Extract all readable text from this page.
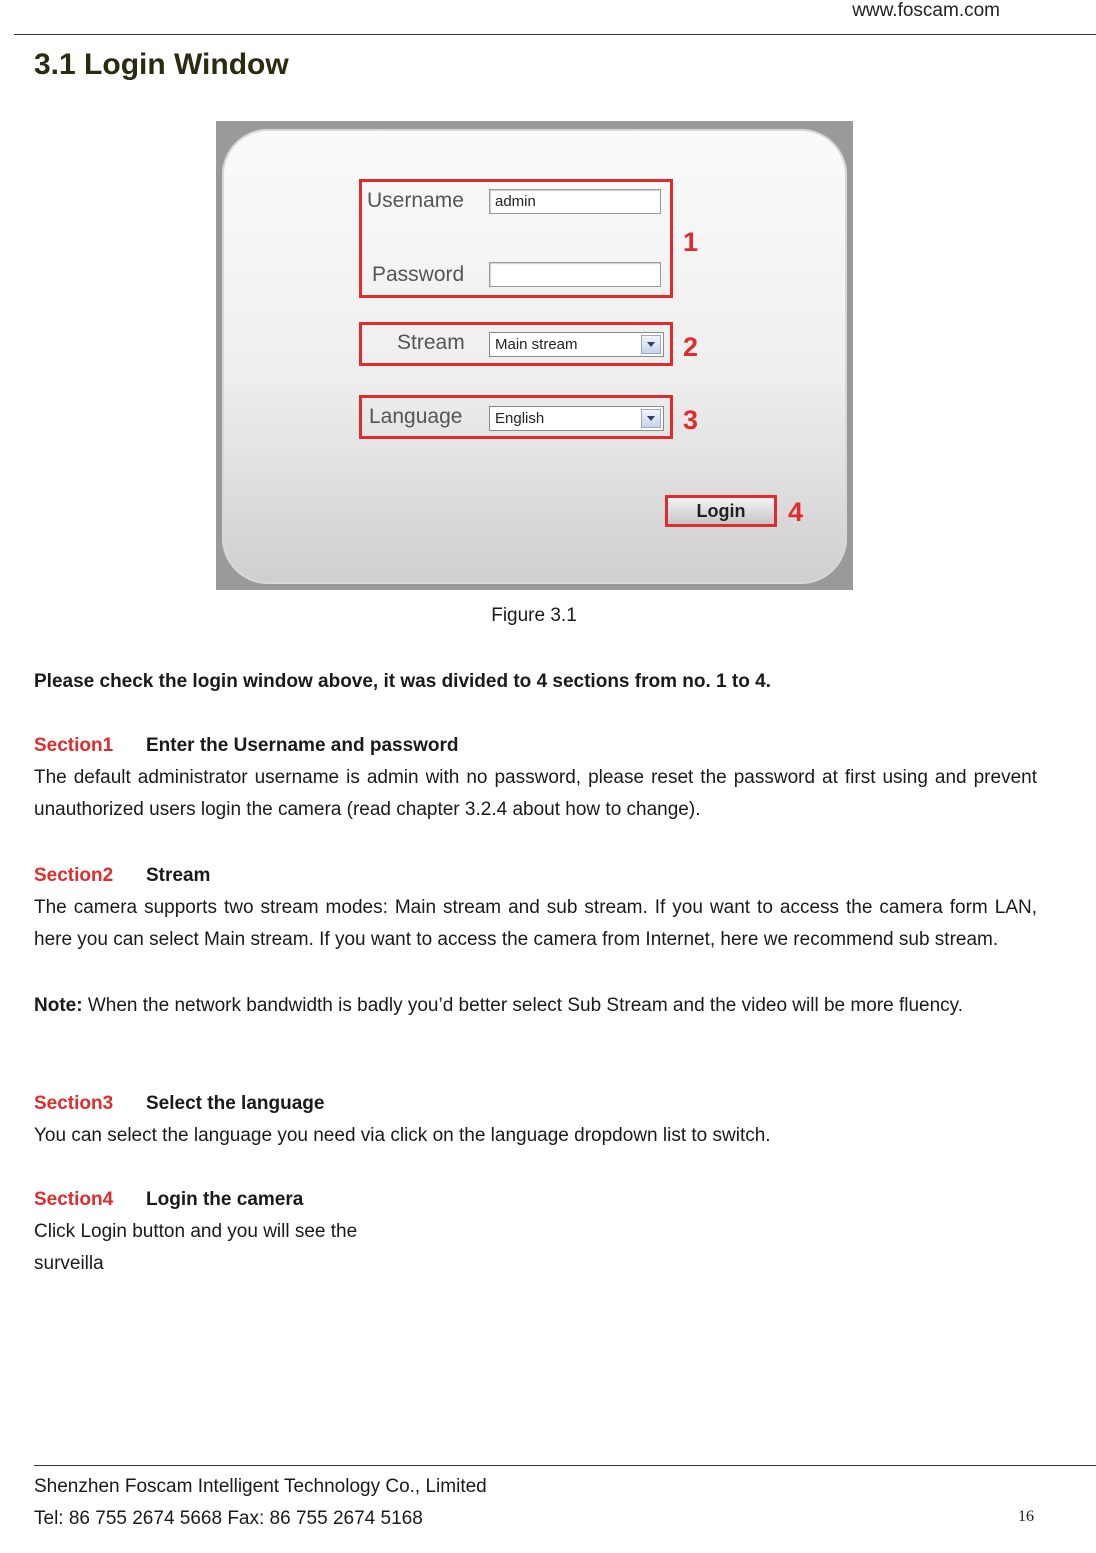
www.foscam.com
3.1 Login Window
Username	admin
Password
1
Stream	Main stream	2
Language	English	3
Login	4
Figure 3.1
Please check the login window above, it was divided to 4 sections from no. 1 to 4.
Section1 Enter the Username and password
The default administrator username is admin with no password, please reset the password at first using and prevent unauthorized users login the camera (read chapter 3.2.4 about how to change).
Section2 Stream
The camera supports two stream modes: Main stream and sub stream. If you want to access the camera form LAN, here you can select Main stream. If you want to access the camera from Internet, here we recommend sub stream.
Note: When the network bandwidth is badly you’d better select Sub Stream and the video will be more fluency.
Section3 Select the language
You can select the language you need via click on the language dropdown list to switch.
Section4 Login the camera
Click Login button and you will see the
surveilla
Shenzhen Foscam Intelligent Technology Co., Limited
Tel: 86 755 2674 5668 Fax: 86 755 2674 5168	16
